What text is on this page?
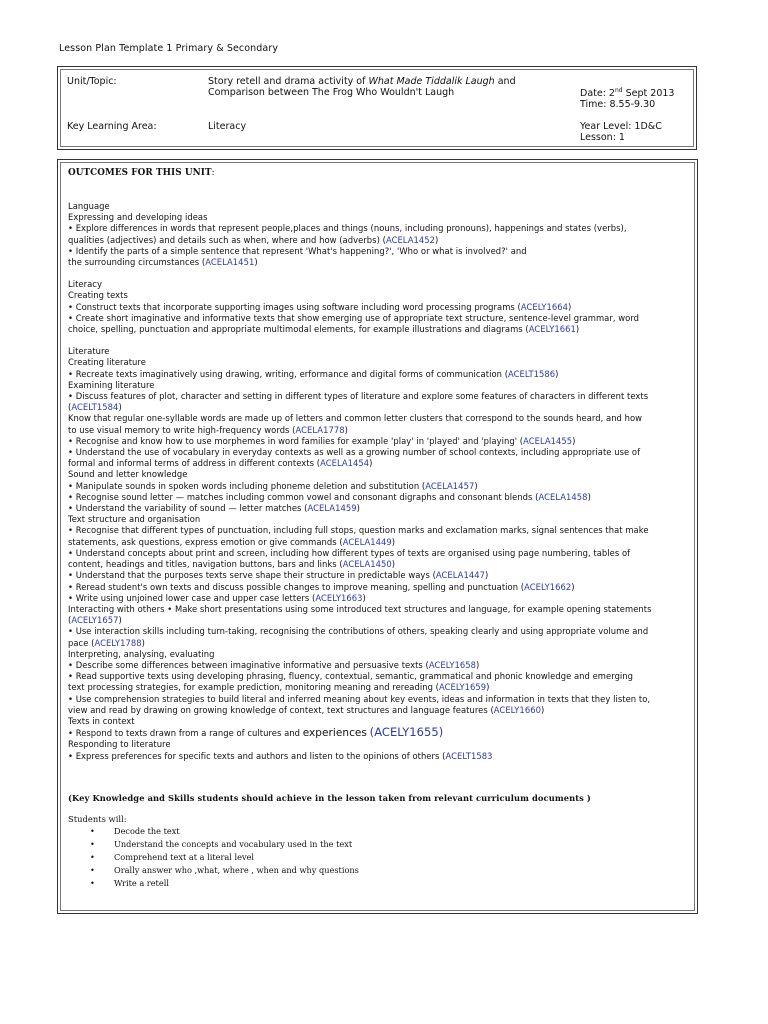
Lesson Plan Template 1 Primary & Secondary
Unit/Topic:	Story retell and drama activity of What Made Tiddalik Laugh and
Comparison between The Frog Who Wouldn't Laugh	Date: 2nd Sept 2013
Time: 8.55-9.30
Key Learning Area:	Literacy	Year Level: 1D&C
Lesson: 1
OUTCOMES FOR THIS UNIT:
Language
Expressing and developing ideas
• Explore differences in words that represent people,places and things (nouns, including pronouns), happenings and states (verbs),
qualities (adjectives) and details such as when, where and how (adverbs) (ACELA1452)
• Identify the parts of a simple sentence that represent 'What's happening?', 'Who or what is involved?' and
the surrounding circumstances (ACELA1451)
Literacy
Creating texts
• Construct texts that incorporate supporting images using software including word processing programs (ACELY1664)
• Create short imaginative and informative texts that show emerging use of appropriate text structure, sentence-level grammar, word
choice, spelling, punctuation and appropriate multimodal elements, for example illustrations and diagrams (ACELY1661)
Literature
Creating literature
• Recreate texts imaginatively using drawing, writing, erformance and digital forms of communication (ACELT1586)
Examining literature
• Discuss features of plot, character and setting in different types of literature and explore some features of characters in different texts
(ACELT1584)
Know that regular one-syllable words are made up of letters and common letter clusters that correspond to the sounds heard, and how
to use visual memory to write high-frequency words (ACELA1778)
• Recognise and know how to use morphemes in word families for example 'play' in 'played' and 'playing' (ACELA1455)
• Understand the use of vocabulary in everyday contexts as well as a growing number of school contexts, including appropriate use of
formal and informal terms of address in different contexts (ACELA1454)
Sound and letter knowledge
• Manipulate sounds in spoken words including phoneme deletion and substitution (ACELA1457)
• Recognise sound letter — matches including common vowel and consonant digraphs and consonant blends (ACELA1458)
• Understand the variability of sound — letter matches (ACELA1459)
Text structure and organisation
• Recognise that different types of punctuation, including full stops, question marks and exclamation marks, signal sentences that make
statements, ask questions, express emotion or give commands (ACELA1449)
• Understand concepts about print and screen, including how different types of texts are organised using page numbering, tables of
content, headings and titles, navigation buttons, bars and links (ACELA1450)
• Understand that the purposes texts serve shape their structure in predictable ways (ACELA1447)
• Reread student's own texts and discuss possible changes to improve meaning, spelling and punctuation (ACELY1662)
• Write using unjoined lower case and upper case letters (ACELY1663)
Interacting with others • Make short presentations using some introduced text structures and language, for example opening statements
(ACELY1657)
• Use interaction skills including turn-taking, recognising the contributions of others, speaking clearly and using appropriate volume and
pace (ACELY1788)
Interpreting, analysing, evaluating
• Describe some differences between imaginative informative and persuasive texts (ACELY1658)
• Read supportive texts using developing phrasing, fluency, contextual, semantic, grammatical and phonic knowledge and emerging
text processing strategies, for example prediction, monitoring meaning and rereading (ACELY1659)
• Use comprehension strategies to build literal and inferred meaning about key events, ideas and information in texts that they listen to,
view and read by drawing on growing knowledge of context, text structures and language features (ACELY1660)
Texts in context
• Respond to texts drawn from a range of cultures and experiences (ACELY1655)
Responding to literature
• Express preferences for specific texts and authors and listen to the opinions of others (ACELT1583
(Key Knowledge and Skills students should achieve in the lesson taken from relevant curriculum documents )
Students will:
• Decode the text
• Understand the concepts and vocabulary used in the text
• Comprehend text at a literal level
• Orally answer who ,what, where , when and why questions
• Write a retell
